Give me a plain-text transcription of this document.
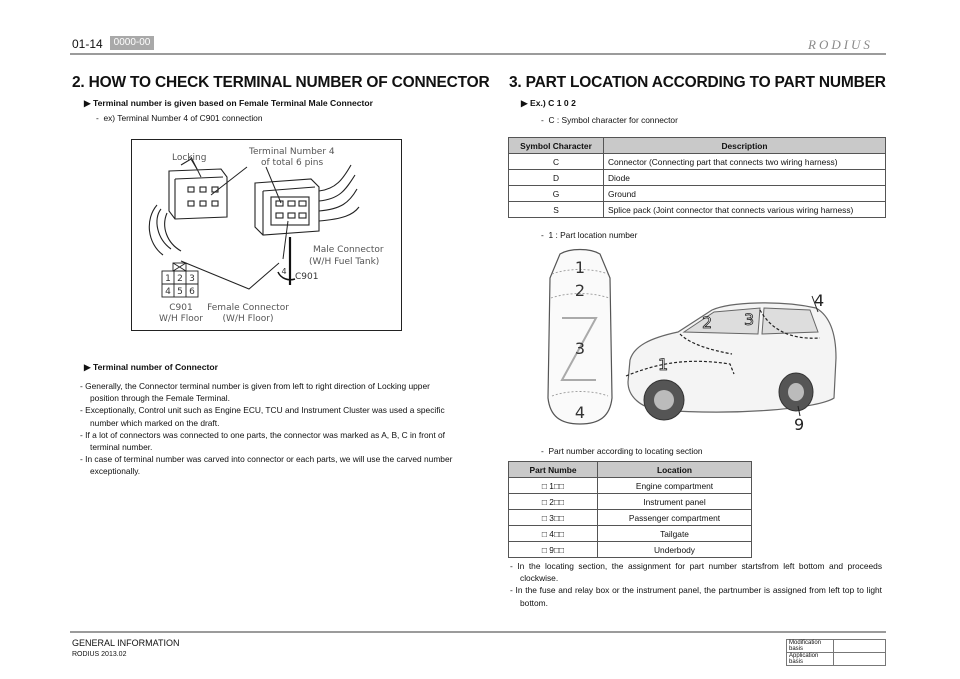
01-14	0000-00	RODIUS
2. HOW TO CHECK TERMINAL NUMBER OF CONNECTOR
▶ Terminal number is given based on Female Terminal Male Connector
-  ex) Terminal Number 4 of C901 connection
1 2 3
4 5 6
Locking
Terminal Number 4
of total 6 pins
Male Connector
(W/H Fuel Tank)
C901
4
C901
W/H Floor
Female Connector
(W/H Floor)
▶ Terminal number of Connector
- Generally, the Connector terminal number is given from left to right direction of Locking upper position through the Female Terminal.
- Exceptionally, Control unit such as Engine ECU, TCU and Instrument Cluster was used a specific number which marked on the draft.
- If a lot of connectors was connected to one parts, the connector was marked as A, B, C in front of terminal number.
- In case of terminal number was carved into connector or each parts, we will use the carved number exceptionally.
3. PART LOCATION ACCORDING TO PART NUMBER
▶ Ex.) C 1 0 2
-  C : Symbol character for connector
Symbol Character	Description
C	Connector (Connecting part that connects two wiring harness)
D	Diode
G	Ground
S	Splice pack (Joint connector that connects various wiring harness)
-  1 : Part location number
1
2
3
4
1
2 3
4
9
-  Part number according to locating section
Part Numbe	Location
□ 1□□	Engine compartment
□ 2□□	Instrument panel
□ 3□□	Passenger compartment
□ 4□□	Tailgate
□ 9□□	Underbody
- In the locating section, the assignment for part number startsfrom left bottom and proceeds clockwise.
- In the fuse and relay box or the instrument panel, the partnumber is assigned from left top to light bottom.
GENERAL INFORMATION
RODIUS 2013.02
Modification basis	
Application basis	
